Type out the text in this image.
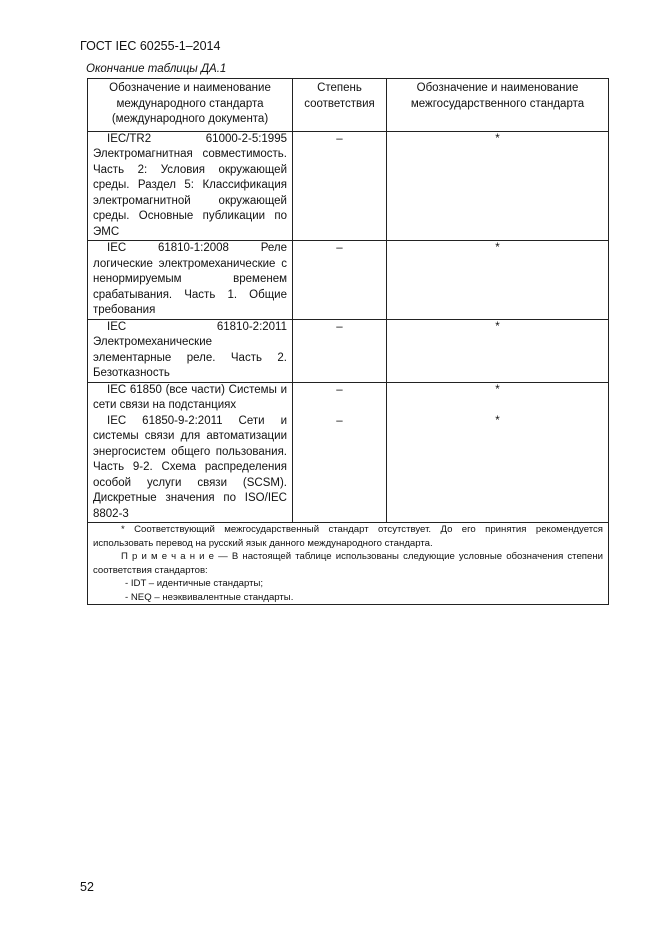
ГОСТ IEC 60255-1–2014
Окончание таблицы ДА.1
Обозначение и наименование международного стандарта (международного документа)	Степень соответствия	Обозначение и наименование межгосударственного стандарта
IEC/TR2 61000-2-5:1995 Электромагнитная совместимость. Часть 2: Условия окружающей среды. Раздел 5: Классификация электромагнитной окружающей среды. Основные публикации по ЭМС	–	*
IEC 61810-1:2008 Реле логические электромеханические с ненормируемым временем срабатывания. Часть 1. Общие требования	–	*
IEC 61810-2:2011 Электромеханические элементарные реле. Часть 2. Безотказность	–	*
IEC 61850 (все части) Системы и сети связи на подстанциях	–	*
IEC 61850-9-2:2011 Сети и системы связи для автоматизации энергосистем общего пользования. Часть 9-2. Схема распределения особой услуги связи (SCSM). Дискретные значения по ISO/IEC 8802-3	–	*

* Соответствующий межгосударственный стандарт отсутствует. До его принятия рекомендуется использовать перевод на русский язык данного международного стандарта.

П р и м е ч а н и е — В настоящей таблице использованы следующие условные обозначения степени соответствия стандартов:

- IDT – идентичные стандарты;

- NEQ – неэквивалентные стандарты.		

52
